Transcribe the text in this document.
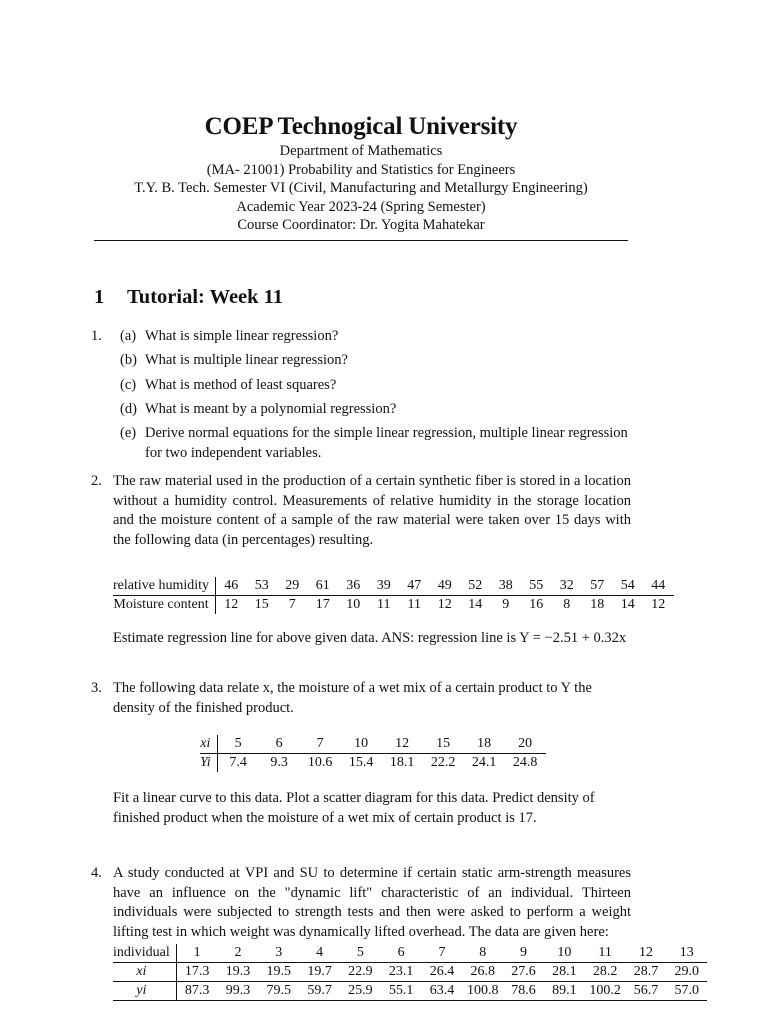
COEP Technogical University
Department of Mathematics
(MA- 21001) Probability and Statistics for Engineers
T.Y. B. Tech. Semester VI (Civil, Manufacturing and Metallurgy Engineering)
Academic Year 2023-24 (Spring Semester)
Course Coordinator: Dr. Yogita Mahatekar
1 Tutorial: Week 11
1. (a) What is simple linear regression?
(b) What is multiple linear regression?
(c) What is method of least squares?
(d) What is meant by a polynomial regression?
(e) Derive normal equations for the simple linear regression, multiple linear regression for two independent variables.
2. The raw material used in the production of a certain synthetic fiber is stored in a location without a humidity control. Measurements of relative humidity in the storage location and the moisture content of a sample of the raw material were taken over 15 days with the following data (in percentages) resulting.
relative humidity	46	53	29	61	36	39	47	49	52	38	55	32	57	54	44
Moisture content	12	15	7	17	10	11	11	12	14	9	16	8	18	14	12
Estimate regression line for above given data. ANS: regression line is Y = −2.51 + 0.32x
3. The following data relate x, the moisture of a wet mix of a certain product to Y the density of the finished product.
xi	5	6	7	10	12	15	18	20
Yi	7.4	9.3	10.6	15.4	18.1	22.2	24.1	24.8
Fit a linear curve to this data. Plot a scatter diagram for this data. Predict density of finished product when the moisture of a wet mix of certain product is 17.
4. A study conducted at VPI and SU to determine if certain static arm-strength measures have an influence on the "dynamic lift" characteristic of an individual. Thirteen individuals were subjected to strength tests and then were asked to perform a weight lifting test in which weight was dynamically lifted overhead. The data are given here:
individual	1	2	3	4	5	6	7	8	9	10	11	12	13
xi	17.3	19.3	19.5	19.7	22.9	23.1	26.4	26.8	27.6	28.1	28.2	28.7	29.0
yi	87.3	99.3	79.5	59.7	25.9	55.1	63.4	100.8	78.6	89.1	100.2	56.7	57.0
